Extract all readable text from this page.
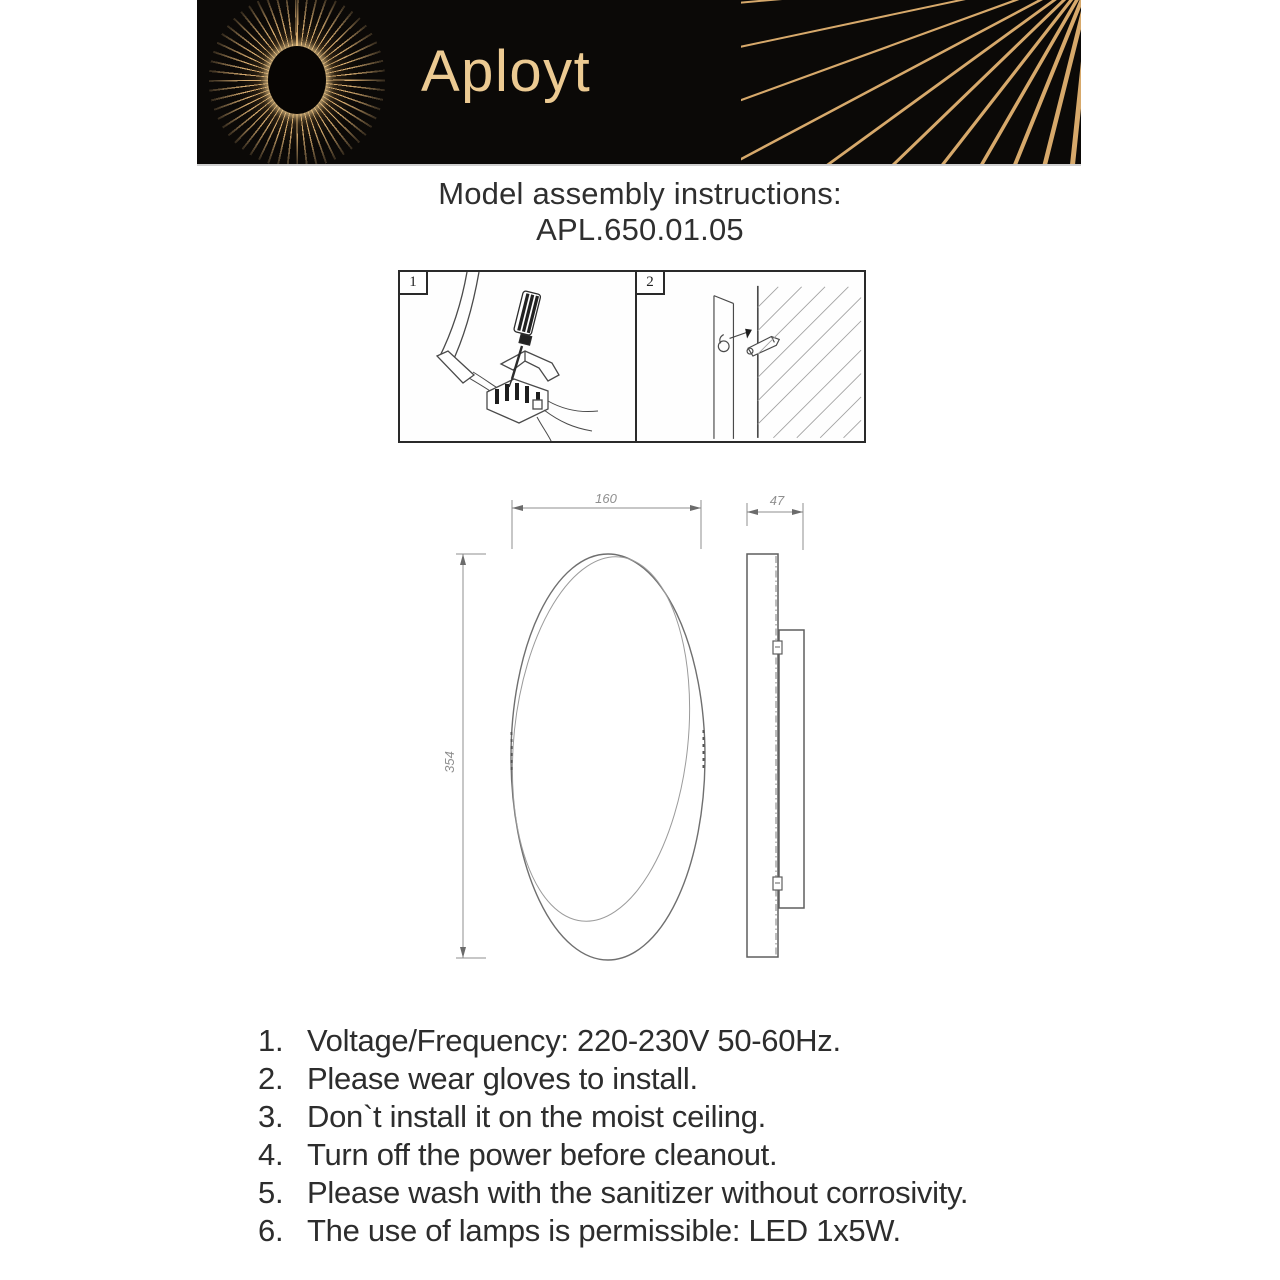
Aployt
Model assembly instructions:
APL.650.01.05
1	2
160
354
47
1. Voltage/Frequency: 220-230V 50-60Hz.
2. Please wear gloves to install.
3. Don`t install it on the moist ceiling.
4. Turn off the power before cleanout.
5. Please wash with the sanitizer without corrosivity.
6. The use of lamps is permissible: LED 1x5W.
